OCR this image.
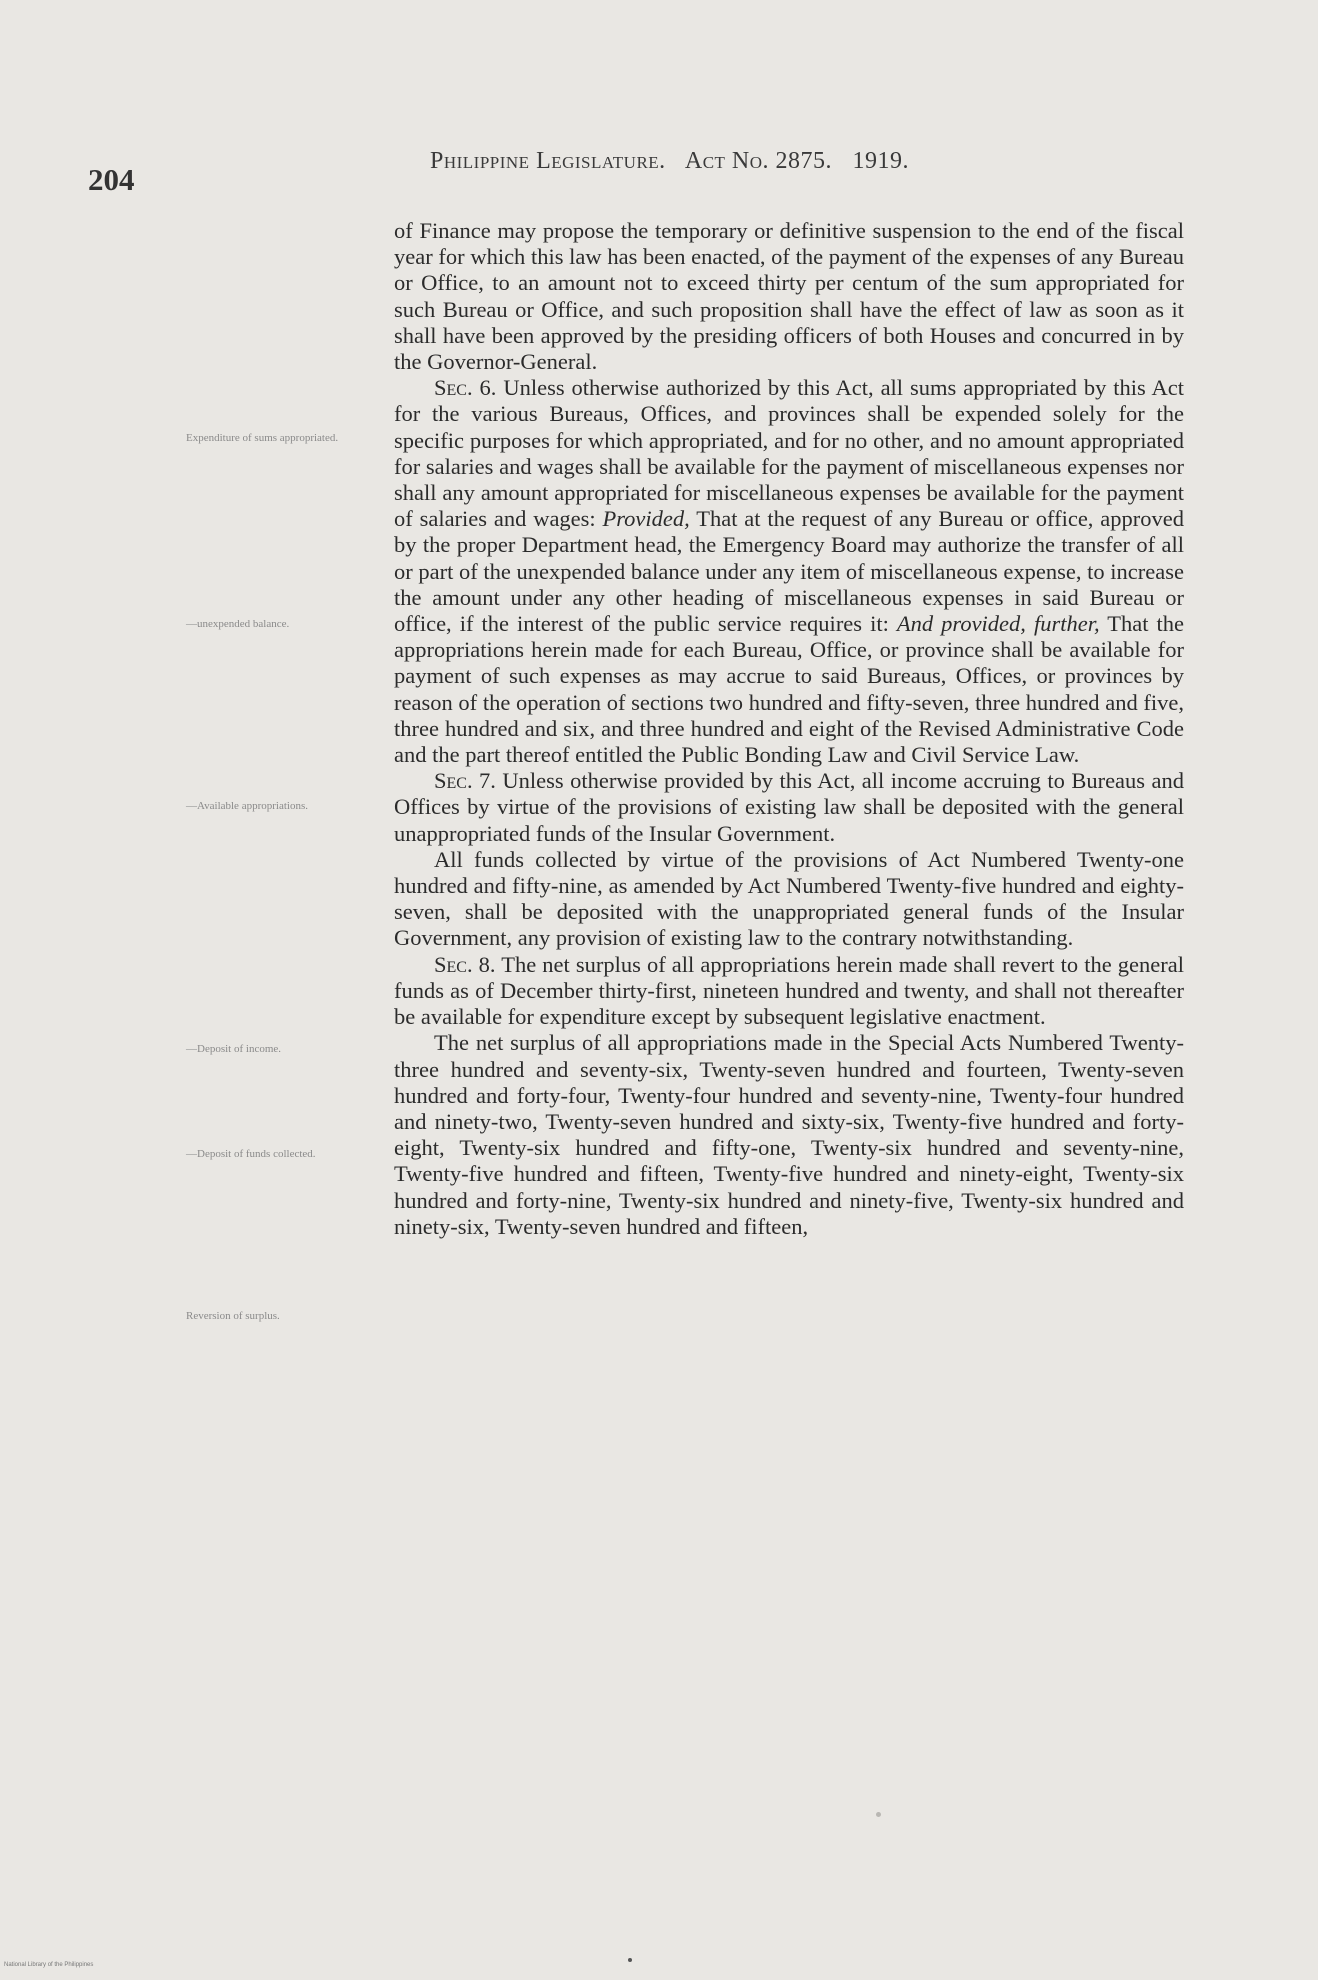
204
Philippine Legislature. Act No. 2875. 1919.
Expenditure of sums appropriated.
—unexpended balance.
—Available appropriations.
—Deposit of income.
—Deposit of funds collected.
Reversion of surplus.

of Finance may propose the temporary or definitive suspension to the end of the fiscal year for which this law has been enacted, of the payment of the expenses of any Bureau or Office, to an amount not to exceed thirty per centum of the sum appropriated for such Bureau or Office, and such proposition shall have the effect of law as soon as it shall have been approved by the presiding officers of both Houses and concurred in by the Governor-General.

Sec. 6. Unless otherwise authorized by this Act, all sums appropriated by this Act for the various Bureaus, Offices, and provinces shall be expended solely for the specific purposes for which appropriated, and for no other, and no amount appropriated for salaries and wages shall be available for the payment of miscellaneous expenses nor shall any amount appropriated for miscellaneous expenses be available for the payment of salaries and wages: Provided, That at the request of any Bureau or office, approved by the proper Department head, the Emergency Board may authorize the transfer of all or part of the unexpended balance under any item of miscellaneous expense, to increase the amount under any other heading of miscellaneous expenses in said Bureau or office, if the interest of the public service requires it: And provided, further, That the appropriations herein made for each Bureau, Office, or province shall be available for payment of such expenses as may accrue to said Bureaus, Offices, or provinces by reason of the operation of sections two hundred and fifty-seven, three hundred and five, three hundred and six, and three hundred and eight of the Revised Administrative Code and the part thereof entitled the Public Bonding Law and Civil Service Law.

Sec. 7. Unless otherwise provided by this Act, all income accruing to Bureaus and Offices by virtue of the provisions of existing law shall be deposited with the general unappropriated funds of the Insular Government.

All funds collected by virtue of the provisions of Act Numbered Twenty-one hundred and fifty-nine, as amended by Act Numbered Twenty-five hundred and eighty-seven, shall be deposited with the unappropriated general funds of the Insular Government, any provision of existing law to the contrary notwithstanding.

Sec. 8. The net surplus of all appropriations herein made shall revert to the general funds as of December thirty-first, nineteen hundred and twenty, and shall not thereafter be available for expenditure except by subsequent legislative enactment.

The net surplus of all appropriations made in the Special Acts Numbered Twenty-three hundred and seventy-six, Twenty-seven hundred and fourteen, Twenty-seven hundred and forty-four, Twenty-four hundred and seventy-nine, Twenty-four hundred and ninety-two, Twenty-seven hundred and sixty-six, Twenty-five hundred and forty-eight, Twenty-six hundred and fifty-one, Twenty-six hundred and seventy-nine, Twenty-five hundred and fifteen, Twenty-five hundred and ninety-eight, Twenty-six hundred and forty-nine, Twenty-six hundred and ninety-five, Twenty-six hundred and ninety-six, Twenty-seven hundred and fifteen,

National Library of the Philippines
